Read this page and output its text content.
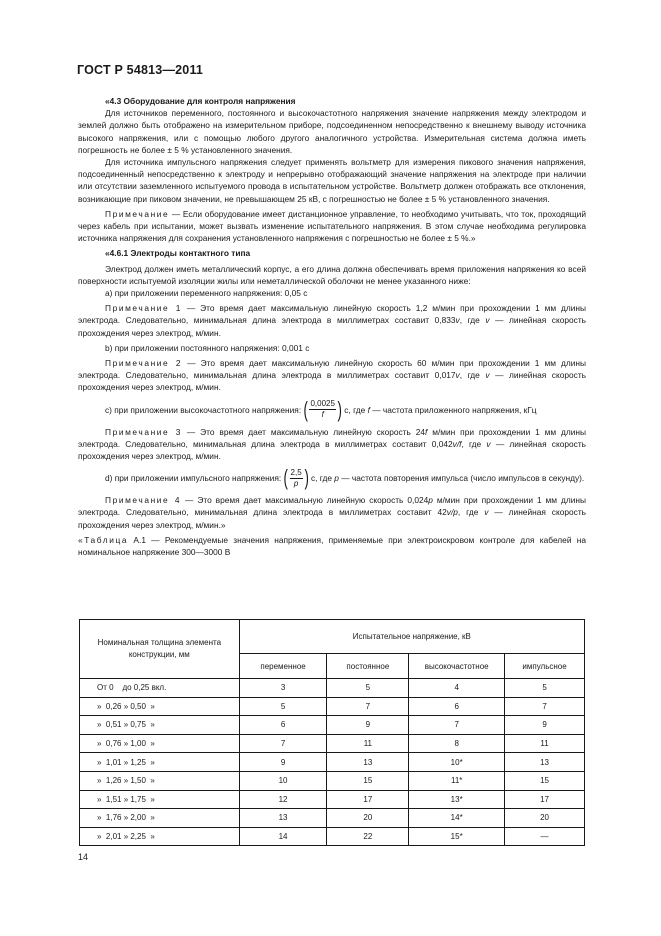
ГОСТ Р 54813—2011

«4.3 Оборудование для контроля напряжения

Для источников переменного, постоянного и высокочастотного напряжения значение напряжения между электродом и землей должно быть отображено на измерительном приборе, подсоединенном непосредственно к внешнему выводу источника высокого напряжения, или с помощью любого другого аналогичного устройства. Измерительная система должна иметь погрешность не более ± 5 % установленного значения.

Для источника импульсного напряжения следует применять вольтметр для измерения пикового значения напряжения, подсоединенный непосредственно к электроду и непрерывно отображающий значение напряжения на электроде при наличии или отсутствии заземленного испытуемого провода в испытательном устройстве. Вольтметр должен отображать все отклонения, возникающие при пиковом значении, не превышающем 25 кВ, с погрешностью не более ± 5 % установленного значения.

Примечание — Если оборудование имеет дистанционное управление, то необходимо учитывать, что ток, проходящий через кабель при испытании, может вызвать изменение испытательного напряжения. В этом случае необходима регулировка источника напряжения для сохранения установленного напряжения с погрешностью не более ± 5 %.»

«4.6.1 Электроды контактного типа

Электрод должен иметь металлический корпус, а его длина должна обеспечивать время приложения напряжения ко всей поверхности испытуемой изоляции жилы или неметаллической оболочки не менее указанного ниже:

a) при приложении переменного напряжения: 0,05 с

Примечание 1 — Это время дает максимальную линейную скорость 1,2 м/мин при прохождении 1 мм длины электрода. Следовательно, минимальная длина электрода в миллиметрах составит 0,833v, где v — линейная скорость прохождения через электрод, м/мин.

b) при приложении постоянного напряжения: 0,001 с

Примечание 2 — Это время дает максимальную линейную скорость 60 м/мин при прохождении 1 мм длины электрода. Следовательно, минимальная длина электрода в миллиметрах составит 0,017v, где v — линейная скорость прохождения через электрод, м/мин.

c) при приложении высокочастотного напряжения: ( $\frac{0,0025}{f}$ ) с, где f — частота приложенного напряжения, кГц

Примечание 3 — Это время дает максимальную линейную скорость 24f м/мин при прохождении 1 мм длины электрода. Следовательно, минимальная длина электрода в миллиметрах составит 0,042v/f, где v — линейная скорость прохождения через электрод, м/мин.

d) при приложении импульсного напряжения: ( $\frac{2,5}{p}$ ) с, где p — частота повторения импульса (число импульсов в секунду).

Примечание 4 — Это время дает максимальную линейную скорость 0,024p м/мин при прохождении 1 мм длины электрода. Следовательно, минимальная длина электрода в миллиметрах составит 42v/p, где v — линейная скорость прохождения через электрод, м/мин.»

«Таблица А.1 — Рекомендуемые значения напряжения, применяемые при электроискровом контроле для кабелей на номинальное напряжение 300—3000 В

Номинальная толщина элемента конструкции, мм	Испытательное напряжение, кВ			
	переменное	постоянное	высокочастотное	импульсное
От 0    до 0,25 вкл.	3	5	4	5
»  0,26 » 0,50  »	5	7	6	7
»  0,51 » 0,75  »	6	9	7	9
»  0,76 » 1,00  »	7	11	8	11
»  1,01 » 1,25  »	9	13	10*	13
»  1,26 » 1,50  »	10	15	11*	15
»  1,51 » 1,75  »	12	17	13*	17
»  1,76 » 2,00  »	13	20	14*	20
»  2,01 » 2,25  »	14	22	15*	—
14
